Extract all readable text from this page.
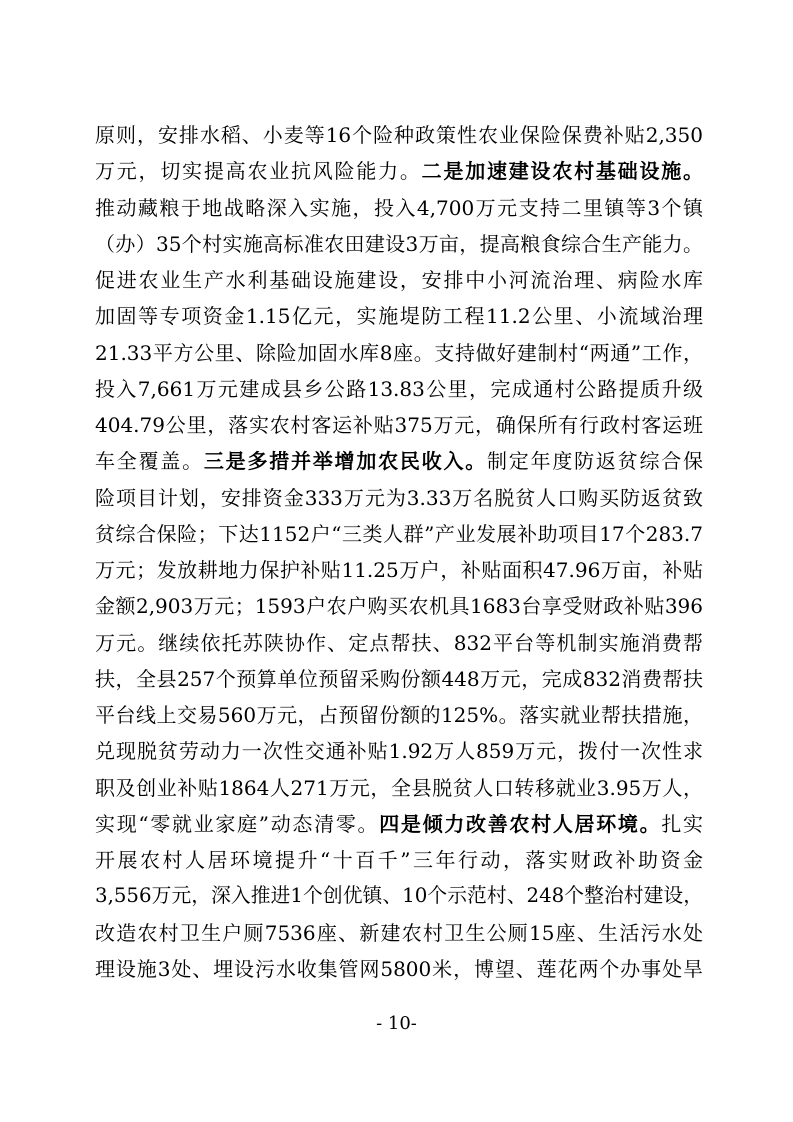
原则，安排水稻、小麦等16个险种政策性农业保险保费补贴2,350
万元，切实提高农业抗风险能力。二是加速建设农村基础设施。
推动藏粮于地战略深入实施，投入4,700万元支持二里镇等3个镇
（办）35个村实施高标准农田建设3万亩，提高粮食综合生产能力。
促进农业生产水利基础设施建设，安排中小河流治理、病险水库
加固等专项资金1.15亿元，实施堤防工程11.2公里、小流域治理
21.33平方公里、除险加固水库8座。支持做好建制村“两通”工作，
投入7,661万元建成县乡公路13.83公里，完成通村公路提质升级
404.79公里，落实农村客运补贴375万元，确保所有行政村客运班
车全覆盖。三是多措并举增加农民收入。制定年度防返贫综合保
险项目计划，安排资金333万元为3.33万名脱贫人口购买防返贫致
贫综合保险；下达1152户“三类人群”产业发展补助项目17个283.7
万元；发放耕地力保护补贴11.25万户，补贴面积47.96万亩，补贴
金额2,903万元；1593户农户购买农机具1683台享受财政补贴396
万元。继续依托苏陕协作、定点帮扶、832平台等机制实施消费帮
扶，全县257个预算单位预留采购份额448万元，完成832消费帮扶
平台线上交易560万元，占预留份额的125%。落实就业帮扶措施，
兑现脱贫劳动力一次性交通补贴1.92万人859万元，拨付一次性求
职及创业补贴1864人271万元，全县脱贫人口转移就业3.95万人，
实现“零就业家庭”动态清零。四是倾力改善农村人居环境。扎实
开展农村人居环境提升“十百千”三年行动，落实财政补助资金
3,556万元，深入推进1个创优镇、10个示范村、248个整治村建设，
改造农村卫生户厕7536座、新建农村卫生公厕15座、生活污水处
理设施3处、埋设污水收集管网5800米，博望、莲花两个办事处旱
- 10-
